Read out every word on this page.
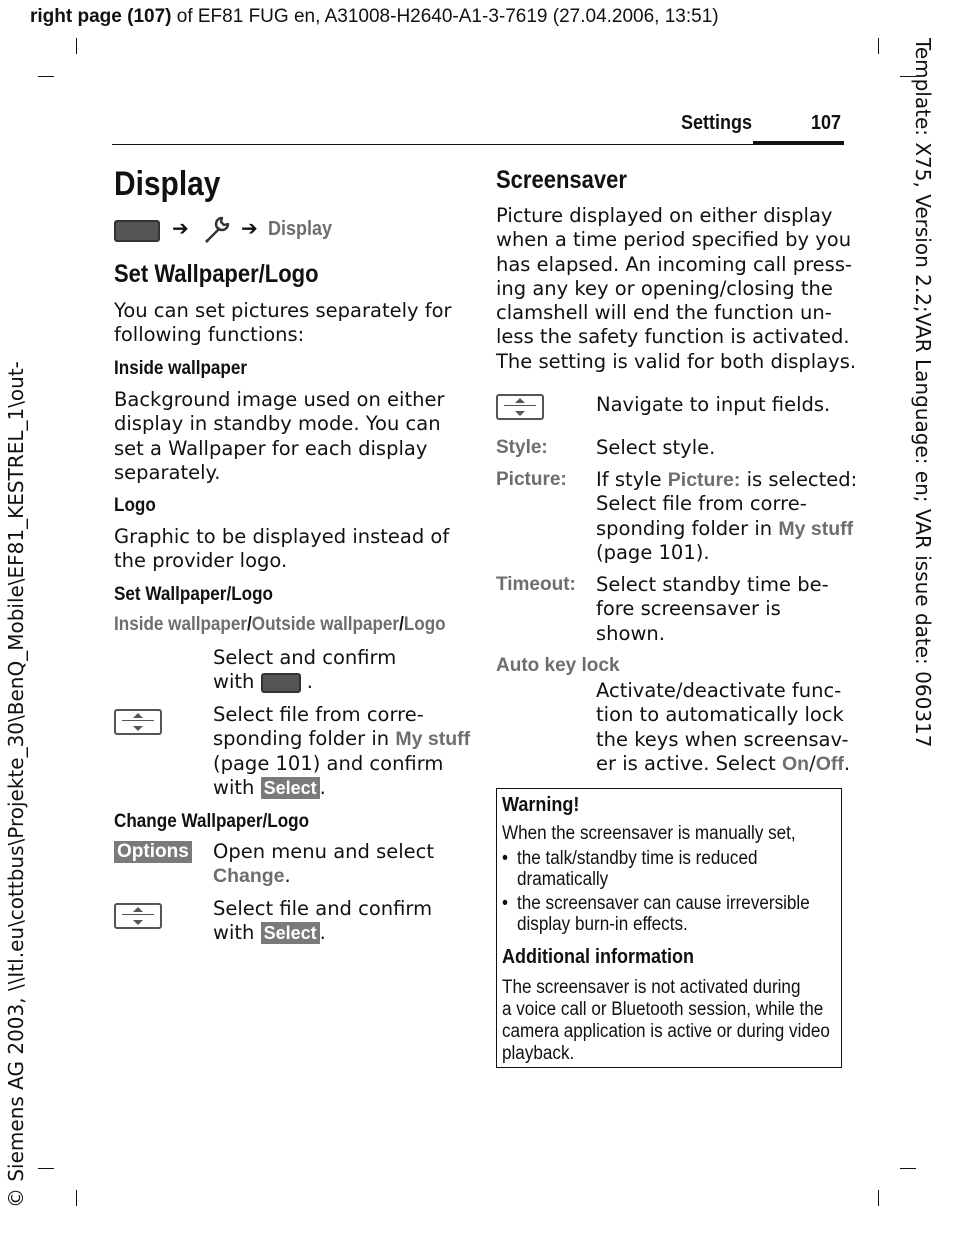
right page (107) of EF81 FUG en, A31008-H2640-A1-3-7619 (27.04.2006, 13:51)
Template: X75, Version 2.2;VAR Language: en; VAR issue date: 060317
© Siemens AG 2003, \\Itl.eu\cottbus\Projekte_30\BenQ_Mobile\EF81_KESTREL_1\out-
Settings	107
Display
➔	➔ Display
Set Wallpaper/Logo
You can set pictures separately for
following functions:
Inside wallpaper
Background image used on either
display in standby mode. You can
set a Wallpaper for each display
separately.
Logo
Graphic to be displayed instead of
the provider logo.
Set Wallpaper/Logo
Inside wallpaper/Outside wallpaper/Logo
Select and confirm
with  .
Select file from corre-
sponding folder in My stuff
(page 101) and confirm
with Select .
Change Wallpaper/Logo
Options Open menu and select
Change.
Select file and confirm
with Select .
Screensaver
Picture displayed on either display
when a time period specified by you
has elapsed. An incoming call press-
ing any key or opening/closing the
clamshell will end the function un-
less the safety function is activated.
The setting is valid for both displays.
Navigate to input fields.
Style: Select style.
Picture: If style Picture: is selected:
Select file from corre-
sponding folder in My stuff
(page 101).
Timeout: Select standby time be-
fore screensaver is
shown.
Auto key lock
Activate/deactivate func-
tion to automatically lock
the keys when screensav-
er is active. Select On/Off.
Warning!
When the screensaver is manually set,
• the talk/standby time is reduced
dramatically
• the screensaver can cause irreversible
display burn-in effects.
Additional information
The screensaver is not activated during
a voice call or Bluetooth session, while the
camera application is active or during video
playback.
